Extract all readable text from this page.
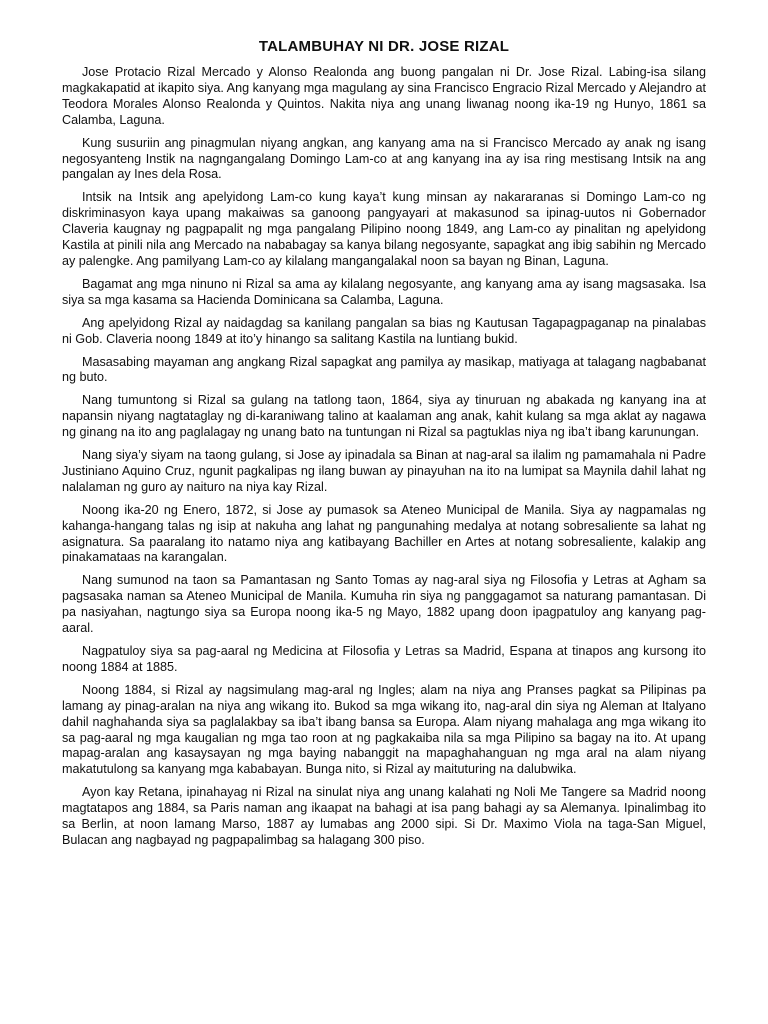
TALAMBUHAY NI DR. JOSE RIZAL

Jose Protacio Rizal Mercado y Alonso Realonda ang buong pangalan ni Dr. Jose Rizal. Labing-isa silang magkakapatid at ikapito siya. Ang kanyang mga magulang ay sina Francisco Engracio Rizal Mercado y Alejandro at Teodora Morales Alonso Realonda y Quintos. Nakita niya ang unang liwanag noong ika-19 ng Hunyo, 1861 sa Calamba, Laguna.

Kung susuriin ang pinagmulan niyang angkan, ang kanyang ama na si Francisco Mercado ay anak ng isang negosyanteng Instik na nagngangalang Domingo Lam-co at ang kanyang ina ay isa ring mestisang Intsik na ang pangalan ay Ines dela Rosa.

Intsik na Intsik ang apelyidong Lam-co kung kaya’t kung minsan ay nakararanas si Domingo Lam-co ng diskriminasyon kaya upang makaiwas sa ganoong pangyayari at makasunod sa ipinag-uutos ni Gobernador Claveria kaugnay ng pagpapalit ng mga pangalang Pilipino noong 1849, ang Lam-co ay pinalitan ng apelyidong Kastila at pinili nila ang Mercado na nababagay sa kanya bilang negosyante, sapagkat ang ibig sabihin ng Mercado ay palengke. Ang pamilyang Lam-co ay kilalang mangangalakal noon sa bayan ng Binan, Laguna.

Bagamat ang mga ninuno ni Rizal sa ama ay kilalang negosyante, ang kanyang ama ay isang magsasaka. Isa siya sa mga kasama sa Hacienda Dominicana sa Calamba, Laguna.

Ang apelyidong Rizal ay naidagdag sa kanilang pangalan sa bias ng Kautusan Tagapagpaganap na pinalabas ni Gob. Claveria noong 1849 at ito’y hinango sa salitang Kastila na luntiang bukid.

Masasabing mayaman ang angkang Rizal sapagkat ang pamilya ay masikap, matiyaga at talagang nagbabanat ng buto.

Nang tumuntong si Rizal sa gulang na tatlong taon, 1864, siya ay tinuruan ng abakada ng kanyang ina at napansin niyang nagtataglay ng di-karaniwang talino at kaalaman ang anak, kahit kulang sa mga aklat ay nagawa ng ginang na ito ang paglalagay ng unang bato na tuntungan ni Rizal sa pagtuklas niya ng iba’t ibang karunungan.

Nang siya’y siyam na taong gulang, si Jose ay ipinadala sa Binan at nag-aral sa ilalim ng pamamahala ni Padre Justiniano Aquino Cruz, ngunit pagkalipas ng ilang buwan ay pinayuhan na ito na lumipat sa Maynila dahil lahat ng nalalaman ng guro ay naituro na niya kay Rizal.

Noong ika-20 ng Enero, 1872, si Jose ay pumasok sa Ateneo Municipal de Manila. Siya ay nagpamalas ng kahanga-hangang talas ng isip at nakuha ang lahat ng pangunahing medalya at notang sobresaliente sa lahat ng asignatura. Sa paaralang ito natamo niya ang katibayang Bachiller en Artes at notang sobresaliente, kalakip ang pinakamataas na karangalan.

Nang sumunod na taon sa Pamantasan ng Santo Tomas ay nag-aral siya ng Filosofia y Letras at Agham sa pagsasaka naman sa Ateneo Municipal de Manila. Kumuha rin siya ng panggagamot sa naturang pamantasan. Di pa nasiyahan, nagtungo siya sa Europa noong ika-5 ng Mayo, 1882 upang doon ipagpatuloy ang kanyang pag-aaral.

Nagpatuloy siya sa pag-aaral ng Medicina at Filosofia y Letras sa Madrid, Espana at tinapos ang kursong ito noong 1884 at 1885.

Noong 1884, si Rizal ay nagsimulang mag-aral ng Ingles; alam na niya ang Pranses pagkat sa Pilipinas pa lamang ay pinag-aralan na niya ang wikang ito. Bukod sa mga wikang ito, nag-aral din siya ng Aleman at Italyano dahil naghahanda siya sa paglalakbay sa iba’t ibang bansa sa Europa. Alam niyang mahalaga ang mga wikang ito sa pag-aaral ng mga kaugalian ng mga tao roon at ng pagkakaiba nila sa mga Pilipino sa bagay na ito. At upang mapag-aralan ang kasaysayan ng mga baying nabanggit na mapaghahanguan ng mga aral na alam niyang makatutulong sa kanyang mga kababayan. Bunga nito, si Rizal ay maituturing na dalubwika.

Ayon kay Retana, ipinahayag ni Rizal na sinulat niya ang unang kalahati ng Noli Me Tangere sa Madrid noong magtatapos ang 1884, sa Paris naman ang ikaapat na bahagi at isa pang bahagi ay sa Alemanya. Ipinalimbag ito sa Berlin, at noon lamang Marso, 1887 ay lumabas ang 2000 sipi. Si Dr. Maximo Viola na taga-San Miguel, Bulacan ang nagbayad ng pagpapalimbag sa halagang 300 piso.
